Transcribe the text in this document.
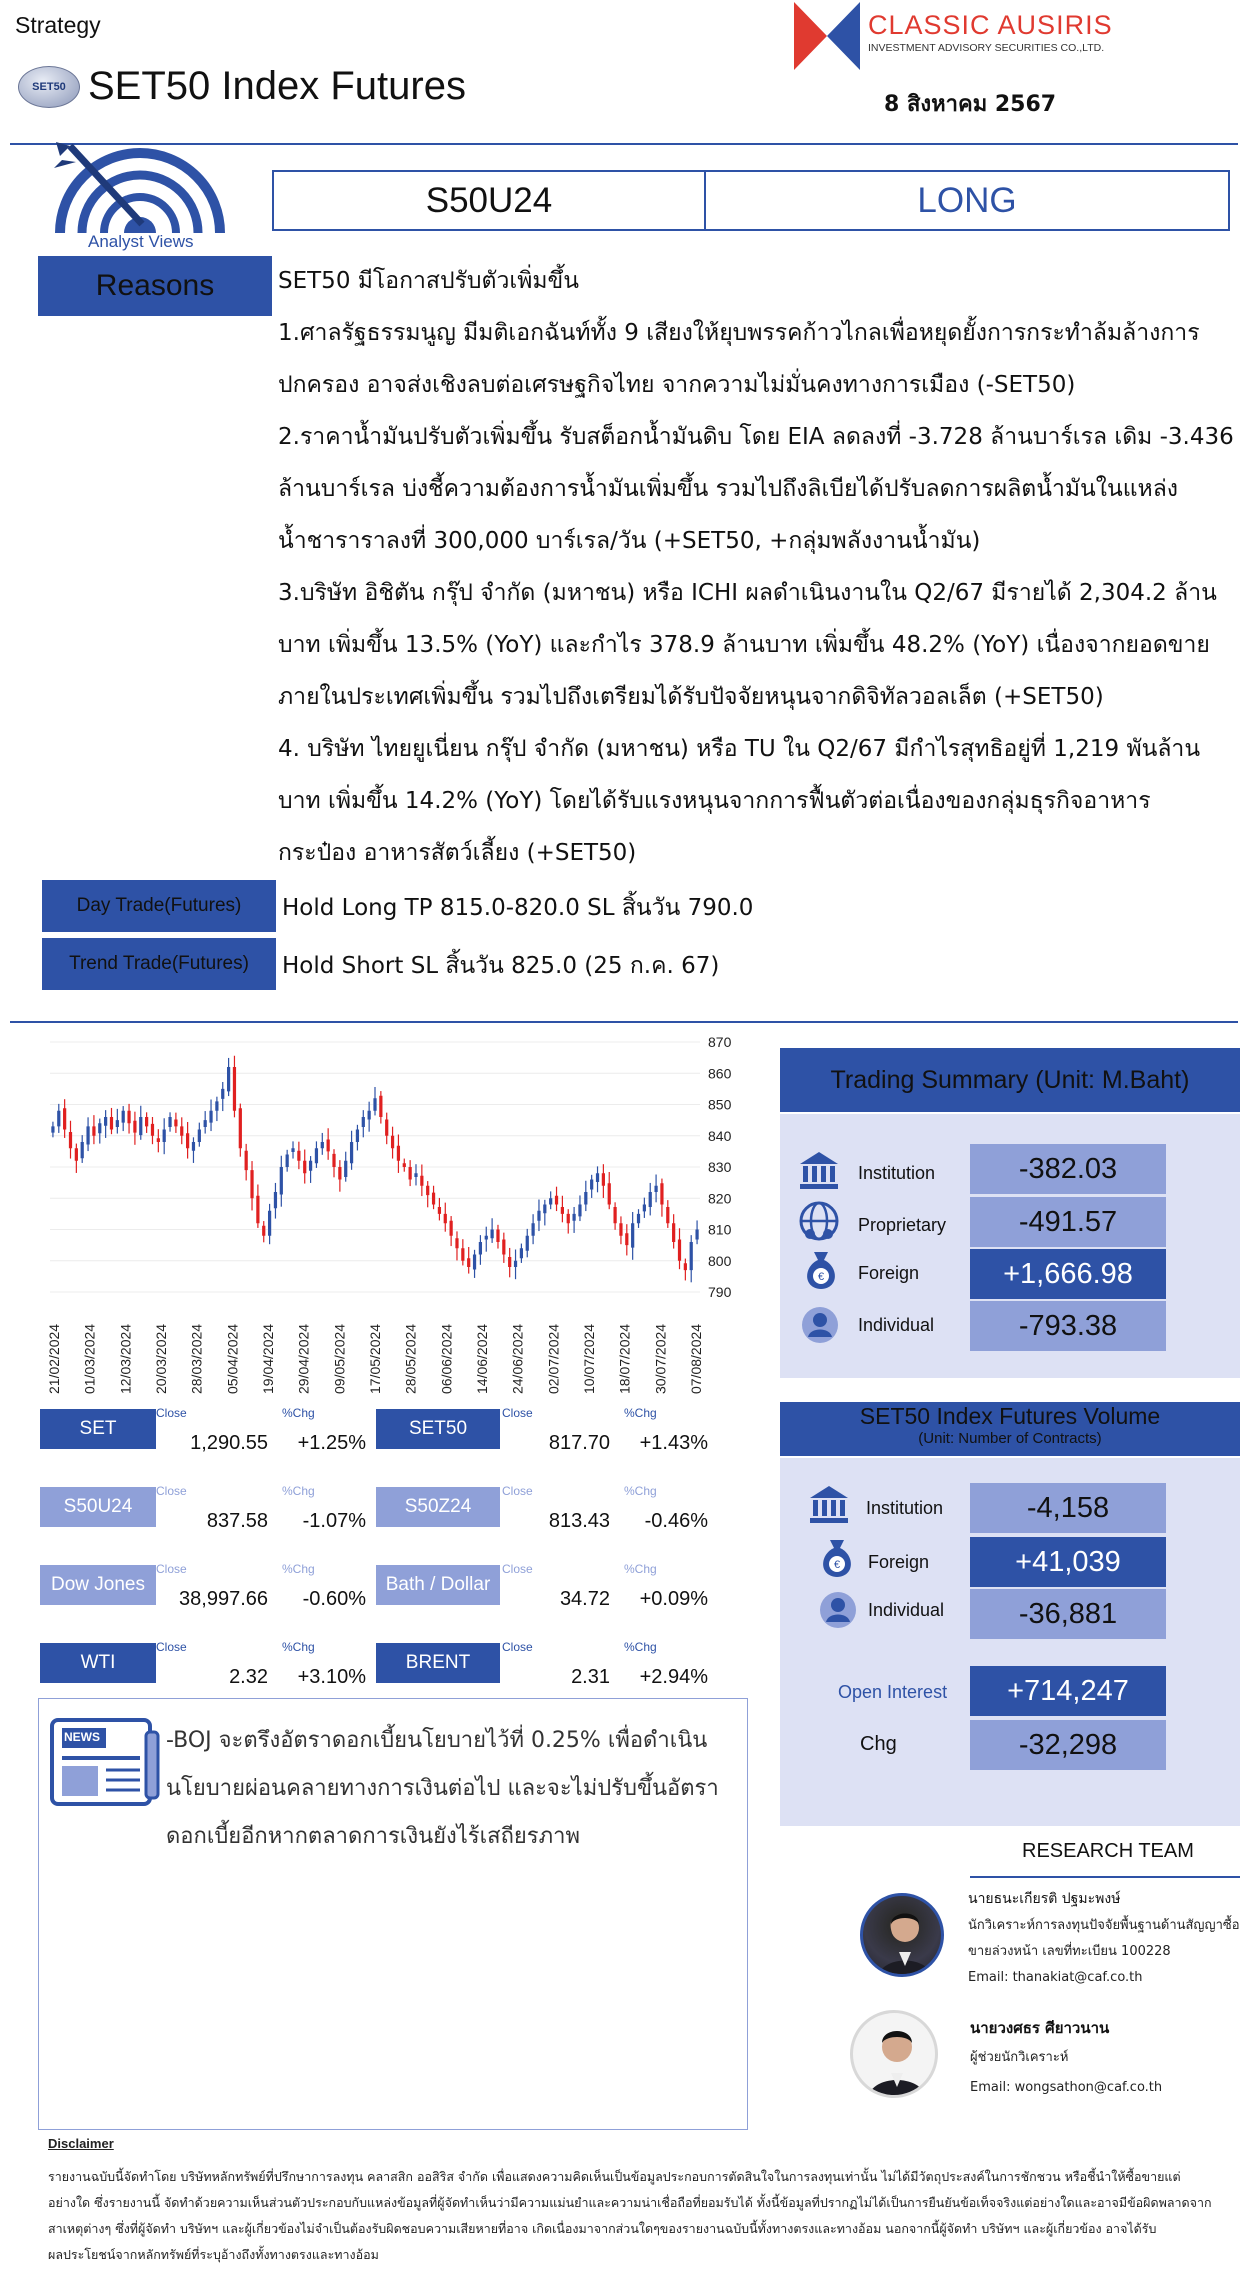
Strategy
SET50 SET50 Index Futures
CLASSIC AUSIRIS
INVESTMENT ADVISORY SECURITIES CO.,LTD.
8 สิงหาคม 2567
Analyst Views
S50U24	LONG
Reasons	SET50 มีโอกาสปรับตัวเพิ่มขึ้น
1.ศาลรัฐธรรมนูญ มีมติเอกฉันท์ทั้ง 9 เสียงให้ยุบพรรคก้าวไกลเพื่อหยุดยั้งการกระทำล้มล้างการ
ปกครอง อาจส่งเชิงลบต่อเศรษฐกิจไทย จากความไม่มั่นคงทางการเมือง (-SET50)
2.ราคาน้ำมันปรับตัวเพิ่มขึ้น รับสต็อกน้ำมันดิบ โดย EIA ลดลงที่ -3.728 ล้านบาร์เรล เดิม -3.436
ล้านบาร์เรล บ่งชี้ความต้องการน้ำมันเพิ่มขึ้น รวมไปถึงลิเบียได้ปรับลดการผลิตน้ำมันในแหล่ง
น้ำชาราราลงที่ 300,000 บาร์เรล/วัน (+SET50, +กลุ่มพลังงานน้ำมัน)
3.บริษัท อิชิตัน กรุ๊ป จำกัด (มหาชน) หรือ ICHI ผลดำเนินงานใน Q2/67 มีรายได้ 2,304.2 ล้าน
บาท เพิ่มขึ้น 13.5% (YoY) และกำไร 378.9 ล้านบาท เพิ่มขึ้น 48.2% (YoY) เนื่องจากยอดขาย
ภายในประเทศเพิ่มขึ้น รวมไปถึงเตรียมได้รับปัจจัยหนุนจากดิจิทัลวอลเล็ต (+SET50)
4. บริษัท ไทยยูเนี่ยน กรุ๊ป จำกัด (มหาชน) หรือ TU ใน Q2/67 มีกำไรสุทธิอยู่ที่ 1,219 พันล้าน
บาท เพิ่มขึ้น 14.2% (YoY) โดยได้รับแรงหนุนจากการฟื้นตัวต่อเนื่องของกลุ่มธุรกิจอาหาร
กระป๋อง อาหารสัตว์เลี้ยง (+SET50)
Day Trade(Futures)	Hold Long TP 815.0-820.0 SL สิ้นวัน 790.0
Trend Trade(Futures)	Hold Short SL สิ้นวัน 825.0 (25 ก.ค. 67)
870
860
850
840
830
820
810
800
790
21/02/2024 01/03/2024 12/03/2024 20/03/2024 28/03/2024 05/04/2024 19/04/2024 29/04/2024 09/05/2024 17/05/2024 28/05/2024 06/06/2024 14/06/2024 24/06/2024 02/07/2024 10/07/2024 18/07/2024 30/07/2024 07/08/2024
SET
Close	%Chg
1,290.55	+1.25%
SET50
Close	%Chg
817.70	+1.43%
S50U24
Close	%Chg
837.58	-1.07%
S50Z24
Close	%Chg
813.43	-0.46%
Dow Jones
Close	%Chg
38,997.66	-0.60%
Bath / Dollar
Close	%Chg
34.72	+0.09%
WTI
Close	%Chg
2.32	+3.10%
BRENT
Close	%Chg
2.31	+2.94%
NEWS	-BOJ จะตรึงอัตราดอกเบี้ยนโยบายไว้ที่ 0.25% เพื่อดำเนิน
นโยบายผ่อนคลายทางการเงินต่อไป และจะไม่ปรับขึ้นอัตรา
ดอกเบี้ยอีกหากตลาดการเงินยังไร้เสถียรภาพ
Trading Summary (Unit: M.Baht)
Institution	-382.03
Proprietary	-491.57
€ Foreign	+1,666.98
Individual	-793.38
SET50 Index Futures Volume
(Unit: Number of Contracts)
Institution	-4,158
€ Foreign	+41,039
Individual	-36,881
Open Interest	+714,247
Chg	-32,298
RESEARCH TEAM
นายธนะเกียรติ ปฐมะพงษ์
นักวิเคราะห์การลงทุนปัจจัยพื้นฐานด้านสัญญาซื้อ
ขายล่วงหน้า เลขที่ทะเบียน 100228
Email: thanakiat@caf.co.th
นายวงศธร ศียาวนาน
ผู้ช่วยนักวิเคราะห์
Email: wongsathon@caf.co.th
Disclaimer
รายงานฉบับนี้จัดทำโดย บริษัทหลักทรัพย์ที่ปรึกษาการลงทุน คลาสสิก ออสิริส จำกัด เพื่อแสดงความคิดเห็นเป็นข้อมูลประกอบการตัดสินใจในการลงทุนเท่านั้น ไม่ได้มีวัตถุประสงค์ในการชักชวน หรือชี้นำให้ซื้อขายแต่
อย่างใด ซึ่งรายงานนี้ จัดทำด้วยความเห็นส่วนตัวประกอบกับแหล่งข้อมูลที่ผู้จัดทำเห็นว่ามีความแม่นยำและความน่าเชื่อถือที่ยอมรับได้ ทั้งนี้ข้อมูลที่ปรากฏไม่ได้เป็นการยืนยันข้อเท็จจริงแต่อย่างใดและอาจมีข้อผิดพลาดจาก
สาเหตุต่างๆ ซึ่งที่ผู้จัดทำ บริษัทฯ และผู้เกี่ยวข้องไม่จำเป็นต้องรับผิดชอบความเสียหายที่อาจ เกิดเนื่องมาจากส่วนใดๆของรายงานฉบับนี้ทั้งทางตรงและทางอ้อม นอกจากนี้ผู้จัดทำ บริษัทฯ และผู้เกี่ยวข้อง อาจได้รับ
ผลประโยชน์จากหลักทรัพย์ที่ระบุอ้างถึงทั้งทางตรงและทางอ้อม
